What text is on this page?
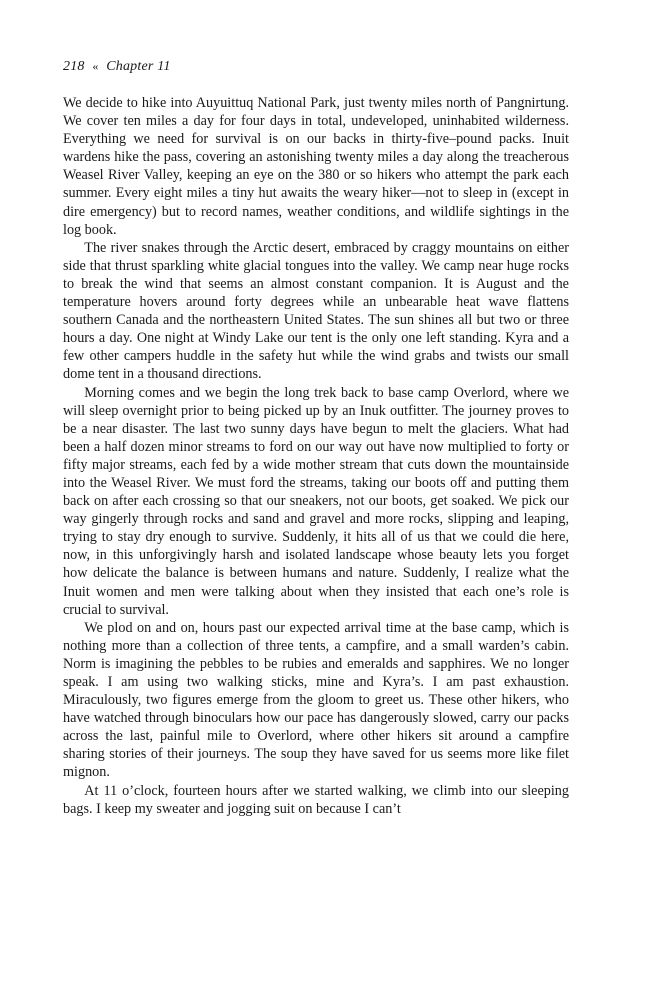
218 « Chapter 11

We decide to hike into Auyuittuq National Park, just twenty miles north of Pangnirtung. We cover ten miles a day for four days in total, undeveloped, uninhabited wilderness. Everything we need for survival is on our backs in thirty-five–pound packs. Inuit wardens hike the pass, covering an astonishing twenty miles a day along the treacherous Weasel River Valley, keeping an eye on the 380 or so hikers who attempt the park each summer. Every eight miles a tiny hut awaits the weary hiker—not to sleep in (except in dire emergency) but to record names, weather conditions, and wildlife sightings in the log book.

The river snakes through the Arctic desert, embraced by craggy mountains on either side that thrust sparkling white glacial tongues into the valley. We camp near huge rocks to break the wind that seems an almost constant companion. It is August and the temperature hovers around forty degrees while an unbearable heat wave flattens southern Canada and the northeastern United States. The sun shines all but two or three hours a day. One night at Windy Lake our tent is the only one left standing. Kyra and a few other campers huddle in the safety hut while the wind grabs and twists our small dome tent in a thousand directions.

Morning comes and we begin the long trek back to base camp Overlord, where we will sleep overnight prior to being picked up by an Inuk outfitter. The journey proves to be a near disaster. The last two sunny days have begun to melt the glaciers. What had been a half dozen minor streams to ford on our way out have now multiplied to forty or fifty major streams, each fed by a wide mother stream that cuts down the mountainside into the Weasel River. We must ford the streams, taking our boots off and putting them back on after each crossing so that our sneakers, not our boots, get soaked. We pick our way gingerly through rocks and sand and gravel and more rocks, slipping and leaping, trying to stay dry enough to survive. Suddenly, it hits all of us that we could die here, now, in this unforgivingly harsh and isolated landscape whose beauty lets you forget how delicate the balance is between humans and nature. Suddenly, I realize what the Inuit women and men were talking about when they insisted that each one’s role is crucial to survival.

We plod on and on, hours past our expected arrival time at the base camp, which is nothing more than a collection of three tents, a campfire, and a small warden’s cabin. Norm is imagining the pebbles to be rubies and emeralds and sapphires. We no longer speak. I am using two walking sticks, mine and Kyra’s. I am past exhaustion. Miraculously, two figures emerge from the gloom to greet us. These other hikers, who have watched through binoculars how our pace has dangerously slowed, carry our packs across the last, painful mile to Overlord, where other hikers sit around a campfire sharing stories of their journeys. The soup they have saved for us seems more like filet mignon.

At 11 o’clock, fourteen hours after we started walking, we climb into our sleeping bags. I keep my sweater and jogging suit on because I can’t
